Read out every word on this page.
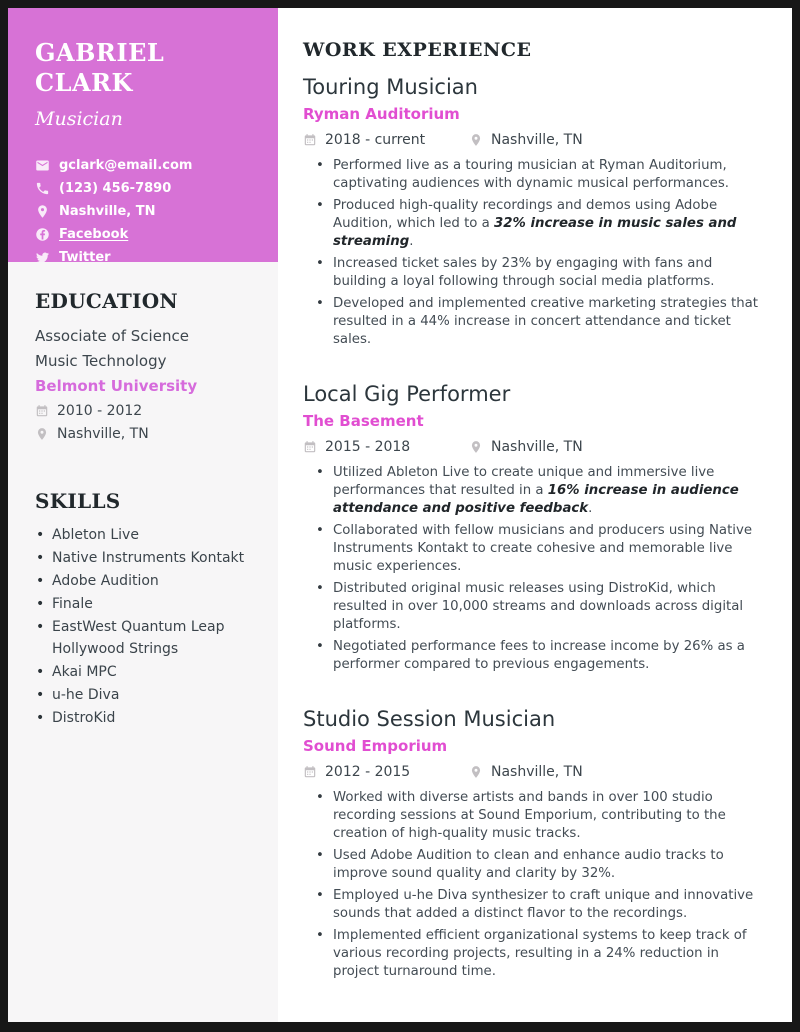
GABRIEL CLARK
Musician
gclark@email.com
(123) 456-7890
Nashville, TN
Facebook
Twitter
EDUCATION
Associate of Science
Music Technology
Belmont University
2010 - 2012
Nashville, TN
SKILLS
• Ableton Live
• Native Instruments Kontakt
• Adobe Audition
• Finale
• EastWest Quantum Leap Hollywood Strings
• Akai MPC
• u-he Diva
• DistroKid
WORK EXPERIENCE
Touring Musician
Ryman Auditorium
2018 - current	Nashville, TN
• Performed live as a touring musician at Ryman Auditorium, captivating audiences with dynamic musical performances.
• Produced high-quality recordings and demos using Adobe Audition, which led to a 32% increase in music sales and streaming.
• Increased ticket sales by 23% by engaging with fans and building a loyal following through social media platforms.
• Developed and implemented creative marketing strategies that resulted in a 44% increase in concert attendance and ticket sales.
Local Gig Performer
The Basement
2015 - 2018	Nashville, TN
• Utilized Ableton Live to create unique and immersive live performances that resulted in a 16% increase in audience attendance and positive feedback.
• Collaborated with fellow musicians and producers using Native Instruments Kontakt to create cohesive and memorable live music experiences.
• Distributed original music releases using DistroKid, which resulted in over 10,000 streams and downloads across digital platforms.
• Negotiated performance fees to increase income by 26% as a performer compared to previous engagements.
Studio Session Musician
Sound Emporium
2012 - 2015	Nashville, TN
• Worked with diverse artists and bands in over 100 studio recording sessions at Sound Emporium, contributing to the creation of high-quality music tracks.
• Used Adobe Audition to clean and enhance audio tracks to improve sound quality and clarity by 32%.
• Employed u-he Diva synthesizer to craft unique and innovative sounds that added a distinct flavor to the recordings.
• Implemented efficient organizational systems to keep track of various recording projects, resulting in a 24% reduction in project turnaround time.
